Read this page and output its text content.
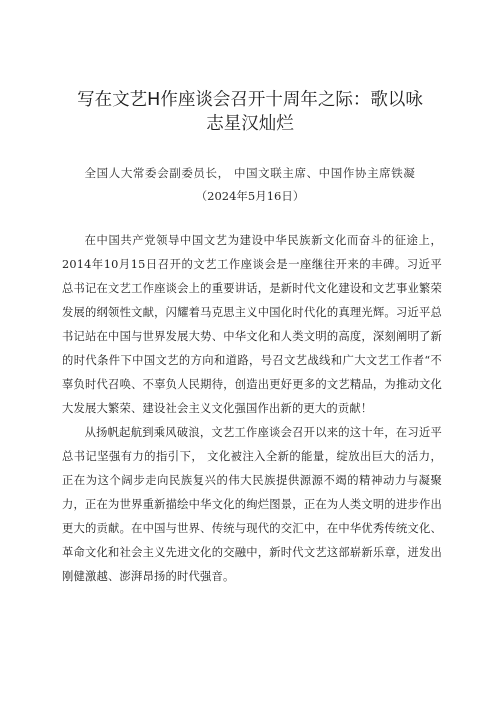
写在文艺H作座谈会召开十周年之际：歌以咏
志星汉灿烂
全国人大常委会副委员长， 中国文联主席、中国作协主席铁凝
（2024年5月16日）

在中国共产党领导中国文艺为建设中华民族新文化而奋斗的征途上，2014年10月15日召开的文艺工作座谈会是一座继往开来的丰碑。习近平总书记在文艺工作座谈会上的重要讲话，是新时代文化建设和文艺事业繁荣发展的纲领性文献，闪耀着马克思主义中国化时代化的真理光辉。习近平总书记站在中国与世界发展大势、中华文化和人类文明的高度，深刻阐明了新的时代条件下中国文艺的方向和道路，号召文艺战线和广大文艺工作者“不辜负时代召唤、不辜负人民期待，创造出更好更多的文艺精品，为推动文化大发展大繁荣、建设社会主义文化强国作出新的更大的贡献！

从扬帆起航到乘风破浪，文艺工作座谈会召开以来的这十年，在习近平总书记坚强有力的指引下， 文化被注入全新的能量，绽放出巨大的活力，正在为这个阔步走向民族复兴的伟大民族提供源源不竭的精神动力与凝聚力，正在为世界重新描绘中华文化的绚烂图景，正在为人类文明的进步作出更大的贡献。在中国与世界、传统与现代的交汇中，在中华优秀传统文化、革命文化和社会主义先进文化的交融中，新时代文艺这部崭新乐章，迸发出刚健激越、澎湃昂扬的时代强音。
